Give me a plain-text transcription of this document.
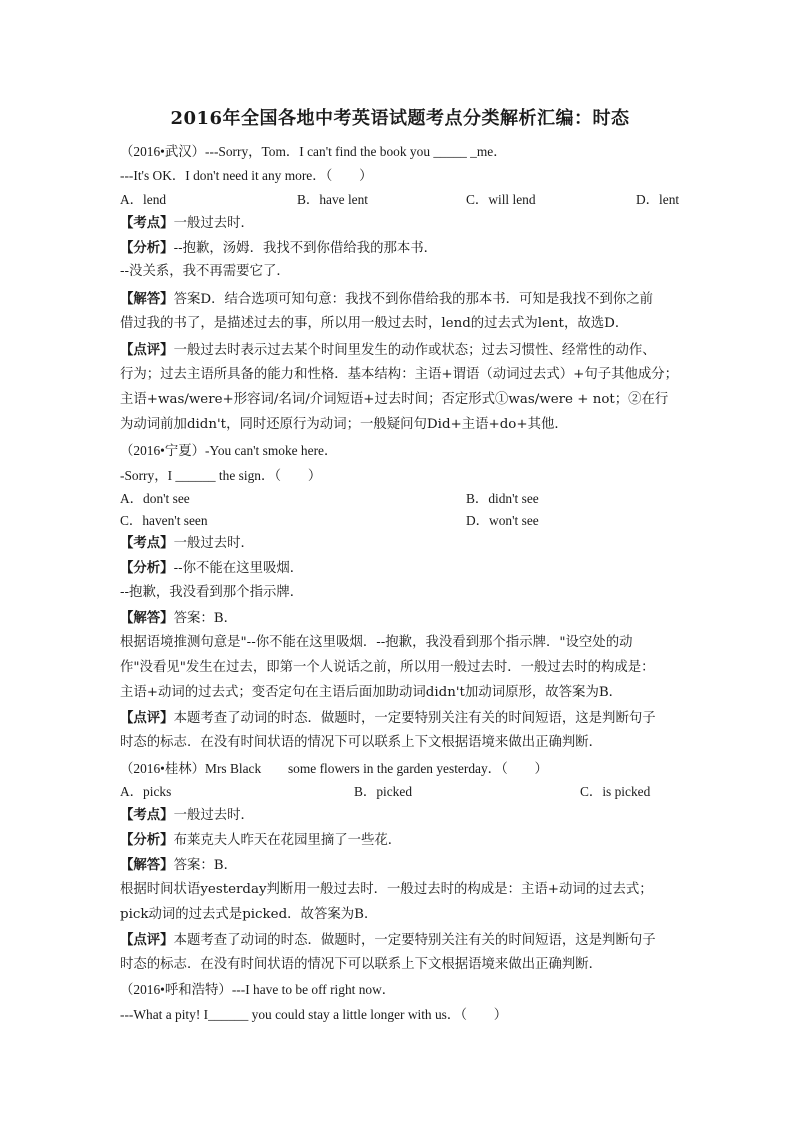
2016年全国各地中考英语试题考点分类解析汇编：时态
（2016•武汉）---Sorry，Tom．I can't find the book you _____ _me．
---It's OK．I don't need it any more．（　　）
A．lend	B．have lent	C．will lend	D．lent
【考点】一般过去时．
【分析】--抱歉，汤姆．我找不到你借给我的那本书．
--没关系，我不再需要它了．
【解答】答案D．结合选项可知句意：我找不到你借给我的那本书．可知是我找不到你之前
借过我的书了，是描述过去的事，所以用一般过去时，lend的过去式为lent，故选D．
【点评】一般过去时表示过去某个时间里发生的动作或状态；过去习惯性、经常性的动作、
行为；过去主语所具备的能力和性格．基本结构：主语+谓语（动词过去式）+句子其他成分；
主语+was/were+形容词/名词/介词短语+过去时间；否定形式①was/were + not；②在行
为动词前加didn't，同时还原行为动词；一般疑问句Did+主语+do+其他．
（2016•宁夏）-You can't smoke here．
-Sorry，I ______ the sign．（　　）
A．don't see	B．didn't see
C．haven't seen	D．won't see
【考点】一般过去时．
【分析】--你不能在这里吸烟．
--抱歉，我没看到那个指示牌．
【解答】答案：B．
根据语境推测句意是"--你不能在这里吸烟．--抱歉，我没看到那个指示牌．"设空处的动
作"没看见"发生在过去，即第一个人说话之前，所以用一般过去时．一般过去时的构成是：
主语+动词的过去式；变否定句在主语后面加助动词didn't加动词原形，故答案为B．
【点评】本题考查了动词的时态．做题时，一定要特别关注有关的时间短语，这是判断句子
时态的标志．在没有时间状语的情况下可以联系上下文根据语境来做出正确判断．
（2016•桂林）Mrs Black　　some flowers in the garden yesterday．（　　）
A．picks	B．picked	C．is picked
【考点】一般过去时．
【分析】布莱克夫人昨天在花园里摘了一些花．
【解答】答案：B．
根据时间状语yesterday判断用一般过去时．一般过去时的构成是：主语+动词的过去式；
pick动词的过去式是picked．故答案为B．
【点评】本题考查了动词的时态．做题时，一定要特别关注有关的时间短语，这是判断句子
时态的标志．在没有时间状语的情况下可以联系上下文根据语境来做出正确判断．
（2016•呼和浩特）---I have to be off right now．
---What a pity! I______ you could stay a little longer with us．（　　）
